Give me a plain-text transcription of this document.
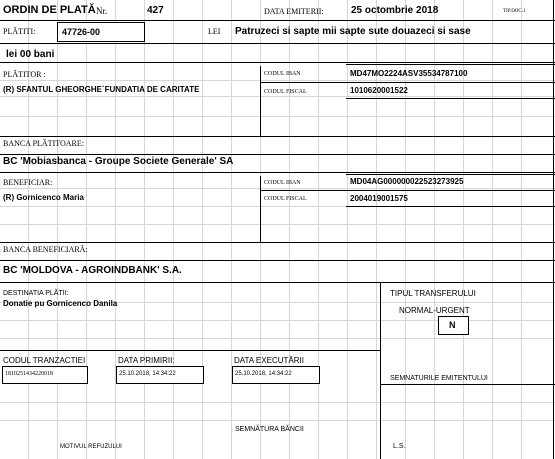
ORDIN DE PLATĂ Nr.	427	DATA EMITERII:	25 octombrie 2018	TIP.DOC.1
PLĂTITI:	47726-00	LEI Patruzeci si sapte mii sapte sute douazeci si sase
lei 00 bani
PLĂTITOR :
(R) SFANTUL GHEORGHE`FUNDATIA DE CARITATE
CODUL IBAN	MD47MO2224ASV35534787100
CODUL FISCAL	1010620001522
BANCA PLĂTITOARE:
BC 'Mobiasbanca - Groupe Societe Generale' SA
BENEFICIAR:
(R) Gornicenco Maria
CODUL IBAN	MD04AG000000022523273925
CODUL FISCAL	2004019001575
BANCA BENEFICIARĂ:
BC 'MOLDOVA - AGROINDBANK' S.A.
DESTINATIA PLĂTII:
Donatie pu Gornicenco Danila
TIPUL TRANSFERULUI
NORMAL-URGENT
N
CODUL TRANZACTIEI
1810251434220018
DATA PRIMIRII:
25.10.2018, 14:34:22
DATA EXECUTĂRII
25.10.2018, 14:34:22
SEMNATURILE EMITENTULUI
SEMNĂTURA BĂNCII
MOTIVUL REFUZULUI	L.S.
